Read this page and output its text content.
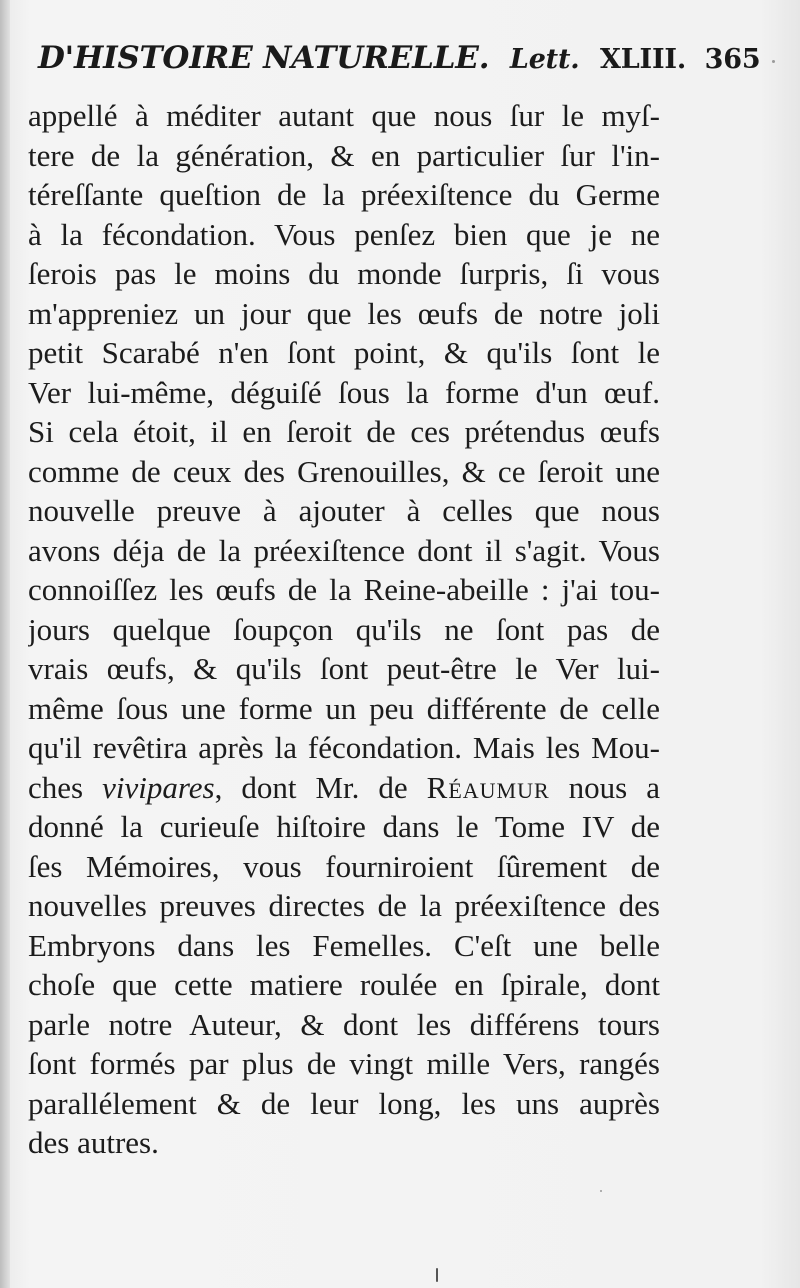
D'HISTOIRE NATURELLE. Lett. XLIII. 365
appellé à méditer autant que nous ſur le myſ-
tere de la génération, & en particulier ſur l'in-
téreſſante queſtion de la préexiſtence du Germe
à la fécondation. Vous penſez bien que je ne
ſerois pas le moins du monde ſurpris, ſi vous
m'appreniez un jour que les œufs de notre joli
petit Scarabé n'en ſont point, & qu'ils ſont le
Ver lui-même, déguiſé ſous la forme d'un œuf.
Si cela étoit, il en ſeroit de ces prétendus œufs
comme de ceux des Grenouilles, & ce ſeroit une
nouvelle preuve à ajouter à celles que nous
avons déja de la préexiſtence dont il s'agit. Vous
connoiſſez les œufs de la Reine-abeille : j'ai tou-
jours quelque ſoupçon qu'ils ne ſont pas de
vrais œufs, & qu'ils ſont peut-être le Ver lui-
même ſous une forme un peu différente de celle
qu'il revêtira après la fécondation. Mais les Mou-
ches vivipares, dont Mr. de Réaumur nous a
donné la curieuſe hiſtoire dans le Tome IV de
ſes Mémoires, vous fourniroient ſûrement de
nouvelles preuves directes de la préexiſtence des
Embryons dans les Femelles. C'eſt une belle
choſe que cette matiere roulée en ſpirale, dont
parle notre Auteur, & dont les différens tours
ſont formés par plus de vingt mille Vers, rangés
parallélement & de leur long, les uns auprès
des autres.
